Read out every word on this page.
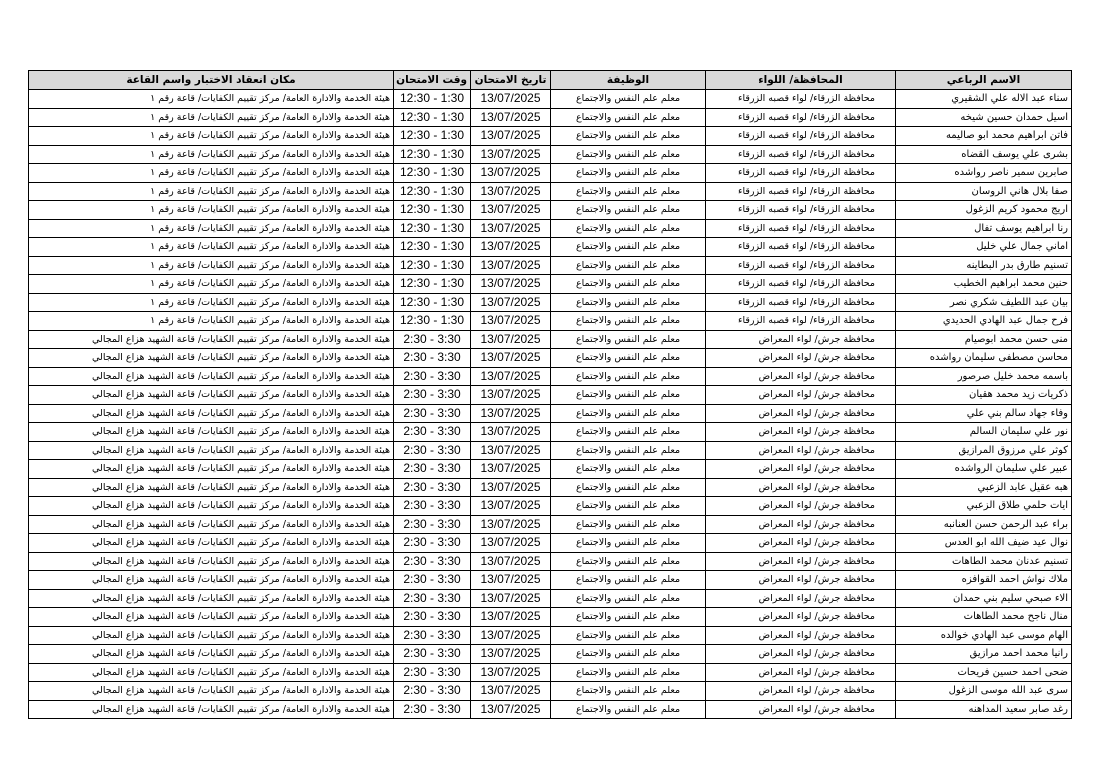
الاسم الرباعي	المحافظة/ اللواء	الوظيفة	تاريخ الامتحان	وقت الامتحان	مكان انعقاد الاختبار واسم القاعة
سناء عبد الاله علي الشقيري	محافظة الزرقاء/ لواء قصبه الزرقاء	معلم علم النفس والاجتماع	13/07/2025	12:30 - 1:30	هيئة الخدمة والادارة العامة/ مركز تقييم الكفايات/ قاعة رقم ١
اسيل حمدان حسين شيخه	محافظة الزرقاء/ لواء قصبه الزرقاء	معلم علم النفس والاجتماع	13/07/2025	12:30 - 1:30	هيئة الخدمة والادارة العامة/ مركز تقييم الكفايات/ قاعة رقم ١
فاتن ابراهيم محمد ابو صاليمه	محافظة الزرقاء/ لواء قصبه الزرقاء	معلم علم النفس والاجتماع	13/07/2025	12:30 - 1:30	هيئة الخدمة والادارة العامة/ مركز تقييم الكفايات/ قاعة رقم ١
بشرى علي يوسف القضاه	محافظة الزرقاء/ لواء قصبه الزرقاء	معلم علم النفس والاجتماع	13/07/2025	12:30 - 1:30	هيئة الخدمة والادارة العامة/ مركز تقييم الكفايات/ قاعة رقم ١
صابرين سمير ناصر رواشده	محافظة الزرقاء/ لواء قصبه الزرقاء	معلم علم النفس والاجتماع	13/07/2025	12:30 - 1:30	هيئة الخدمة والادارة العامة/ مركز تقييم الكفايات/ قاعة رقم ١
صفا بلال هاني الروسان	محافظة الزرقاء/ لواء قصبه الزرقاء	معلم علم النفس والاجتماع	13/07/2025	12:30 - 1:30	هيئة الخدمة والادارة العامة/ مركز تقييم الكفايات/ قاعة رقم ١
اريج محمود كريم الزغول	محافظة الزرقاء/ لواء قصبه الزرقاء	معلم علم النفس والاجتماع	13/07/2025	12:30 - 1:30	هيئة الخدمة والادارة العامة/ مركز تقييم الكفايات/ قاعة رقم ١
رنا ابراهيم يوسف تفال	محافظة الزرقاء/ لواء قصبه الزرقاء	معلم علم النفس والاجتماع	13/07/2025	12:30 - 1:30	هيئة الخدمة والادارة العامة/ مركز تقييم الكفايات/ قاعة رقم ١
اماني جمال علي خليل	محافظة الزرقاء/ لواء قصبه الزرقاء	معلم علم النفس والاجتماع	13/07/2025	12:30 - 1:30	هيئة الخدمة والادارة العامة/ مركز تقييم الكفايات/ قاعة رقم ١
تسنيم طارق بدر البطاينه	محافظة الزرقاء/ لواء قصبه الزرقاء	معلم علم النفس والاجتماع	13/07/2025	12:30 - 1:30	هيئة الخدمة والادارة العامة/ مركز تقييم الكفايات/ قاعة رقم ١
حنين محمد ابراهيم الخطيب	محافظة الزرقاء/ لواء قصبه الزرقاء	معلم علم النفس والاجتماع	13/07/2025	12:30 - 1:30	هيئة الخدمة والادارة العامة/ مركز تقييم الكفايات/ قاعة رقم ١
بيان عبد اللطيف شكري نصر	محافظة الزرقاء/ لواء قصبه الزرقاء	معلم علم النفس والاجتماع	13/07/2025	12:30 - 1:30	هيئة الخدمة والادارة العامة/ مركز تقييم الكفايات/ قاعة رقم ١
فرح جمال عبد الهادي الحديدي	محافظة الزرقاء/ لواء قصبه الزرقاء	معلم علم النفس والاجتماع	13/07/2025	12:30 - 1:30	هيئة الخدمة والادارة العامة/ مركز تقييم الكفايات/ قاعة رقم ١
منى حسن محمد ابوصيام	محافظة جرش/ لواء المعراض	معلم علم النفس والاجتماع	13/07/2025	2:30 - 3:30	هيئة الخدمة والادارة العامة/ مركز تقييم الكفايات/ قاعة الشهيد هزاع المجالي
محاسن مصطفى سليمان رواشده	محافظة جرش/ لواء المعراض	معلم علم النفس والاجتماع	13/07/2025	2:30 - 3:30	هيئة الخدمة والادارة العامة/ مركز تقييم الكفايات/ قاعة الشهيد هزاع المجالي
باسمه محمد خليل صرصور	محافظة جرش/ لواء المعراض	معلم علم النفس والاجتماع	13/07/2025	2:30 - 3:30	هيئة الخدمة والادارة العامة/ مركز تقييم الكفايات/ قاعة الشهيد هزاع المجالي
ذكريات زيد محمد هقيان	محافظة جرش/ لواء المعراض	معلم علم النفس والاجتماع	13/07/2025	2:30 - 3:30	هيئة الخدمة والادارة العامة/ مركز تقييم الكفايات/ قاعة الشهيد هزاع المجالي
وفاء جهاد سالم بني علي	محافظة جرش/ لواء المعراض	معلم علم النفس والاجتماع	13/07/2025	2:30 - 3:30	هيئة الخدمة والادارة العامة/ مركز تقييم الكفايات/ قاعة الشهيد هزاع المجالي
نور علي سليمان السالم	محافظة جرش/ لواء المعراض	معلم علم النفس والاجتماع	13/07/2025	2:30 - 3:30	هيئة الخدمة والادارة العامة/ مركز تقييم الكفايات/ قاعة الشهيد هزاع المجالي
كوثر علي مرزوق المرازيق	محافظة جرش/ لواء المعراض	معلم علم النفس والاجتماع	13/07/2025	2:30 - 3:30	هيئة الخدمة والادارة العامة/ مركز تقييم الكفايات/ قاعة الشهيد هزاع المجالي
عبير علي سليمان الرواشده	محافظة جرش/ لواء المعراض	معلم علم النفس والاجتماع	13/07/2025	2:30 - 3:30	هيئة الخدمة والادارة العامة/ مركز تقييم الكفايات/ قاعة الشهيد هزاع المجالي
هبه عقيل عابد الزعبي	محافظة جرش/ لواء المعراض	معلم علم النفس والاجتماع	13/07/2025	2:30 - 3:30	هيئة الخدمة والادارة العامة/ مركز تقييم الكفايات/ قاعة الشهيد هزاع المجالي
ايات حلمي طلاق الزعبي	محافظة جرش/ لواء المعراض	معلم علم النفس والاجتماع	13/07/2025	2:30 - 3:30	هيئة الخدمة والادارة العامة/ مركز تقييم الكفايات/ قاعة الشهيد هزاع المجالي
براء عبد الرحمن حسن العنانبه	محافظة جرش/ لواء المعراض	معلم علم النفس والاجتماع	13/07/2025	2:30 - 3:30	هيئة الخدمة والادارة العامة/ مركز تقييم الكفايات/ قاعة الشهيد هزاع المجالي
نوال عيد ضيف الله ابو العدس	محافظة جرش/ لواء المعراض	معلم علم النفس والاجتماع	13/07/2025	2:30 - 3:30	هيئة الخدمة والادارة العامة/ مركز تقييم الكفايات/ قاعة الشهيد هزاع المجالي
تسنيم عدنان محمد الطاهات	محافظة جرش/ لواء المعراض	معلم علم النفس والاجتماع	13/07/2025	2:30 - 3:30	هيئة الخدمة والادارة العامة/ مركز تقييم الكفايات/ قاعة الشهيد هزاع المجالي
ملاك نواش احمد القوافزه	محافظة جرش/ لواء المعراض	معلم علم النفس والاجتماع	13/07/2025	2:30 - 3:30	هيئة الخدمة والادارة العامة/ مركز تقييم الكفايات/ قاعة الشهيد هزاع المجالي
الاء صبحي سليم بني حمدان	محافظة جرش/ لواء المعراض	معلم علم النفس والاجتماع	13/07/2025	2:30 - 3:30	هيئة الخدمة والادارة العامة/ مركز تقييم الكفايات/ قاعة الشهيد هزاع المجالي
منال ناجح محمد الطاهات	محافظة جرش/ لواء المعراض	معلم علم النفس والاجتماع	13/07/2025	2:30 - 3:30	هيئة الخدمة والادارة العامة/ مركز تقييم الكفايات/ قاعة الشهيد هزاع المجالي
الهام موسى عبد الهادي خوالده	محافظة جرش/ لواء المعراض	معلم علم النفس والاجتماع	13/07/2025	2:30 - 3:30	هيئة الخدمة والادارة العامة/ مركز تقييم الكفايات/ قاعة الشهيد هزاع المجالي
رانيا محمد احمد مرازيق	محافظة جرش/ لواء المعراض	معلم علم النفس والاجتماع	13/07/2025	2:30 - 3:30	هيئة الخدمة والادارة العامة/ مركز تقييم الكفايات/ قاعة الشهيد هزاع المجالي
ضحى احمد حسين فريحات	محافظة جرش/ لواء المعراض	معلم علم النفس والاجتماع	13/07/2025	2:30 - 3:30	هيئة الخدمة والادارة العامة/ مركز تقييم الكفايات/ قاعة الشهيد هزاع المجالي
سرى عبد الله موسى الزغول	محافظة جرش/ لواء المعراض	معلم علم النفس والاجتماع	13/07/2025	2:30 - 3:30	هيئة الخدمة والادارة العامة/ مركز تقييم الكفايات/ قاعة الشهيد هزاع المجالي
رغد صابر سعيد المداهنه	محافظة جرش/ لواء المعراض	معلم علم النفس والاجتماع	13/07/2025	2:30 - 3:30	هيئة الخدمة والادارة العامة/ مركز تقييم الكفايات/ قاعة الشهيد هزاع المجالي
